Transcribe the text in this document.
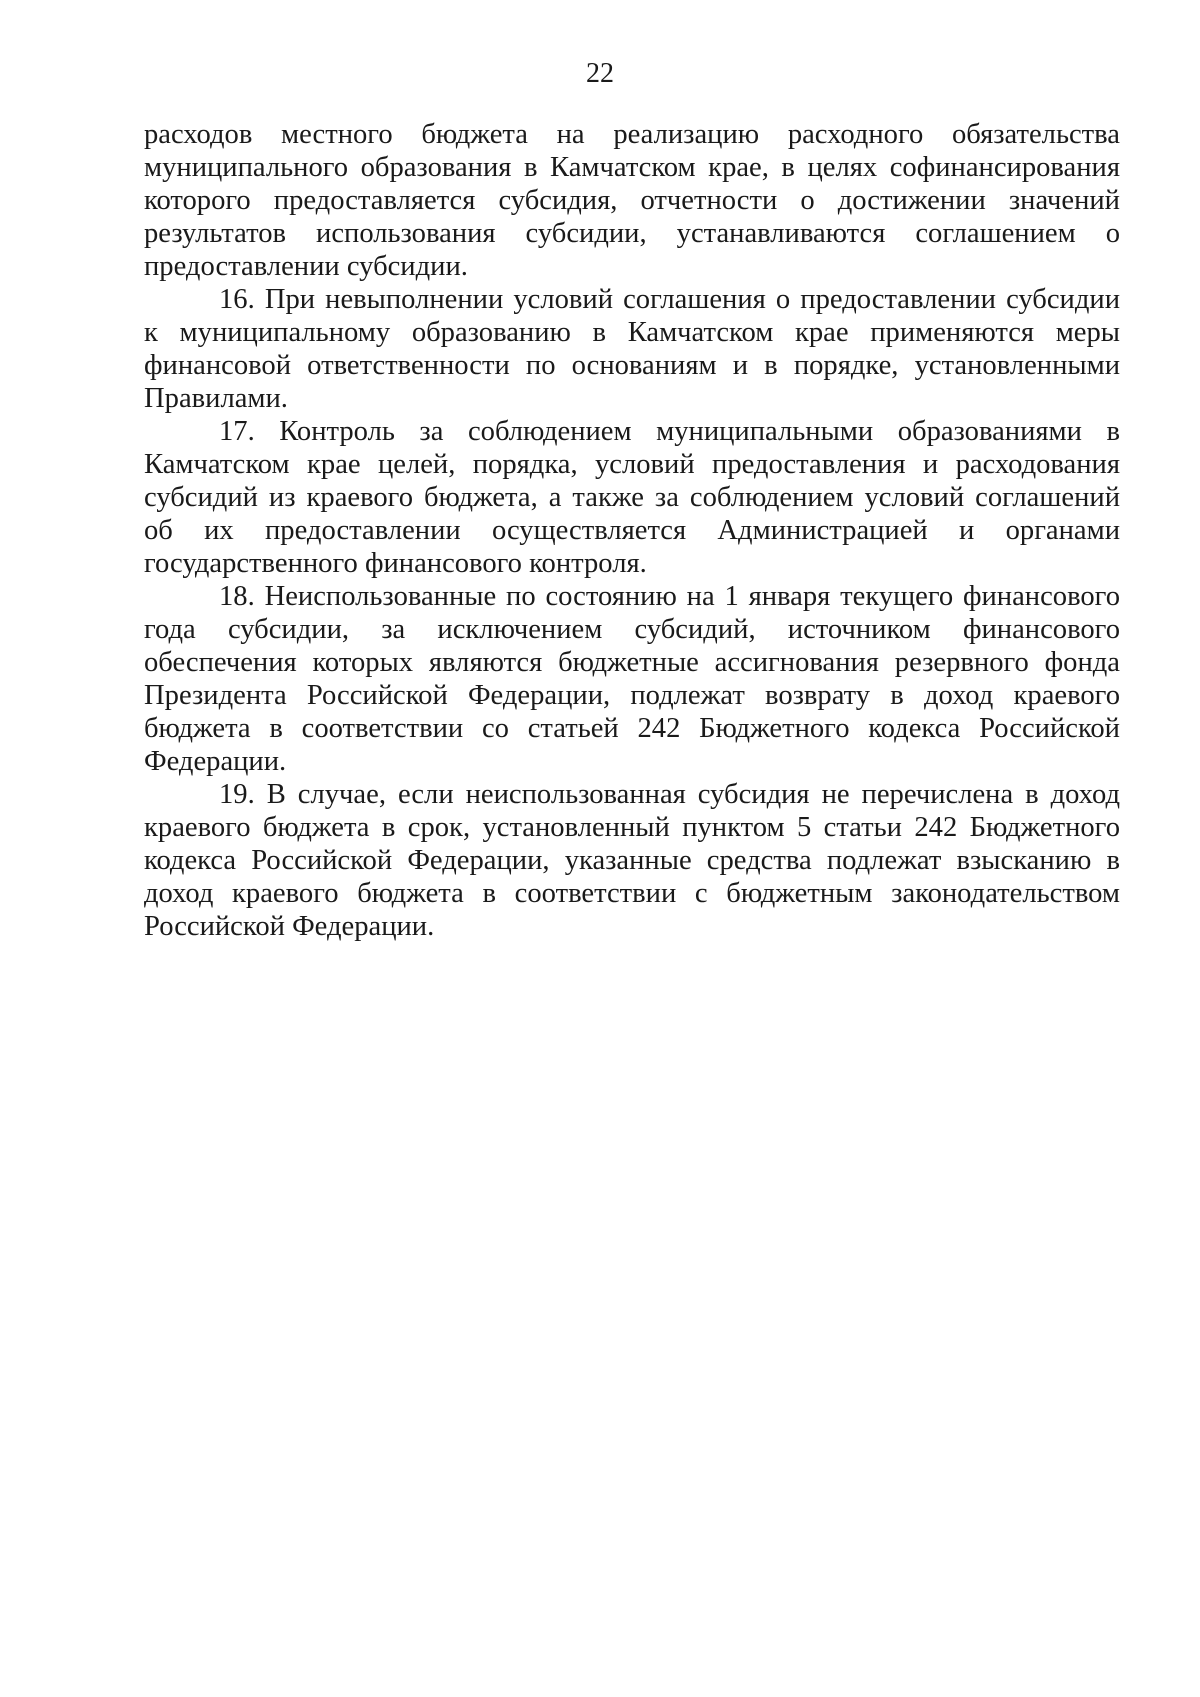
22

расходов местного бюджета на реализацию расходного обязательства муниципального образования в Камчатском крае, в целях софинансирования которого предоставляется субсидия, отчетности о достижении значений результатов использования субсидии, устанавливаются соглашением о предоставлении субсидии.

16. При невыполнении условий соглашения о предоставлении субсидии к муниципальному образованию в Камчатском крае применяются меры финансовой ответственности по основаниям и в порядке, установленными Правилами.

17. Контроль за соблюдением муниципальными образованиями в Камчатском крае целей, порядка, условий предоставления и расходования субсидий из краевого бюджета, а также за соблюдением условий соглашений об их предоставлении осуществляется Администрацией и органами государственного финансового контроля.

18. Неиспользованные по состоянию на 1 января текущего финансового года субсидии, за исключением субсидий, источником финансового обеспечения которых являются бюджетные ассигнования резервного фонда Президента Российской Федерации, подлежат возврату в доход краевого бюджета в соответствии со статьей 242 Бюджетного кодекса Российской Федерации.

19. В случае, если неиспользованная субсидия не перечислена в доход краевого бюджета в срок, установленный пунктом 5 статьи 242 Бюджетного кодекса Российской Федерации, указанные средства подлежат взысканию в доход краевого бюджета в соответствии с бюджетным законодательством Российской Федерации.
